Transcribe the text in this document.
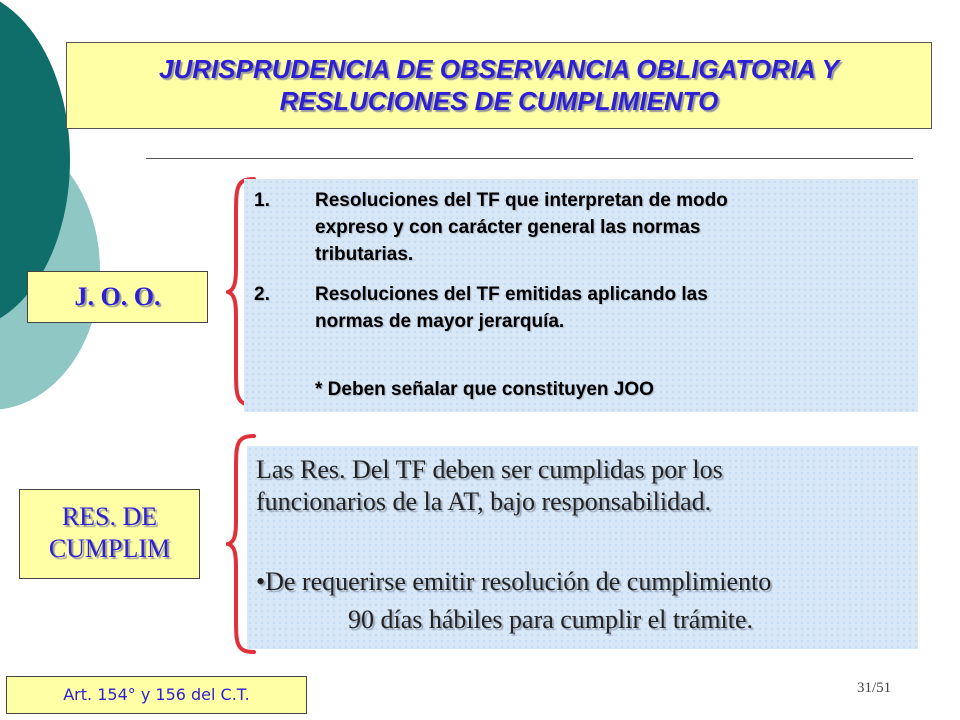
JURISPRUDENCIA DE OBSERVANCIA OBLIGATORIA Y
RESLUCIONES DE CUMPLIMIENTO
J. O. O.
1.	Resoluciones del TF que interpretan de modo
expreso y con carácter general las normas
tributarias.
2.	Resoluciones del TF emitidas aplicando las
normas de mayor jerarquía.
* Deben señalar que constituyen JOO
RES. DE
CUMPLIM
Las Res. Del TF deben ser cumplidas por los
funcionarios de la AT, bajo responsabilidad.
•De requerirse emitir resolución de cumplimiento
90 días hábiles para cumplir el trámite.
Art. 154° y 156 del C.T.	31/51
